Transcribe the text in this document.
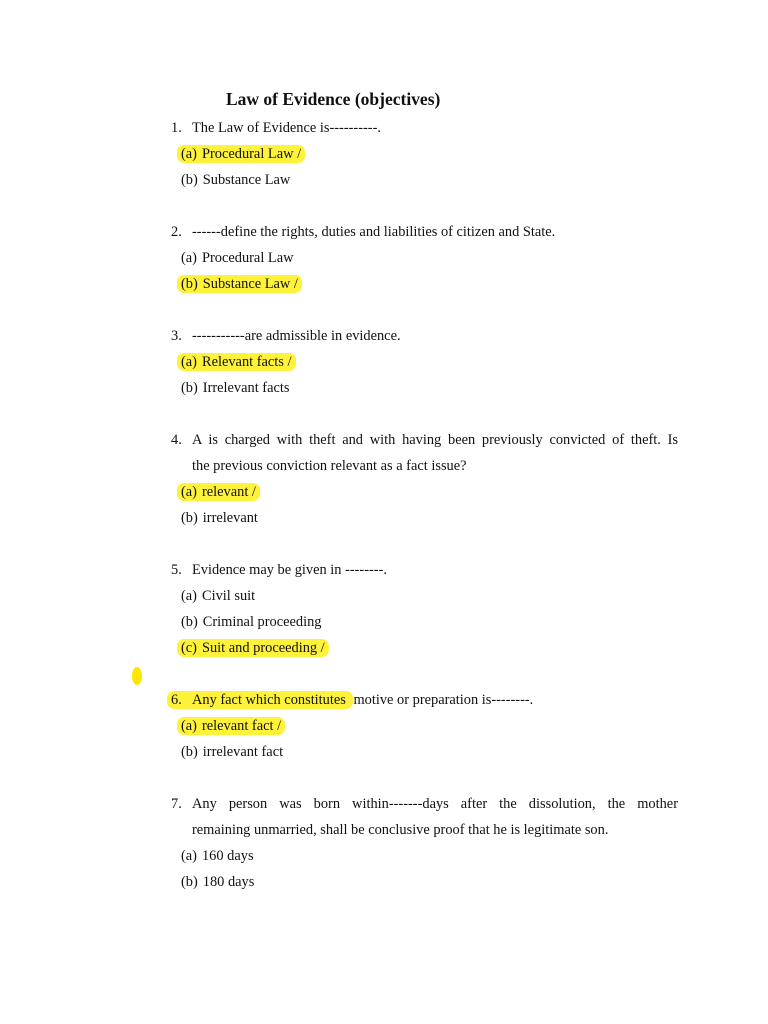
Law of Evidence (objectives)
1. The Law of Evidence is----------.
(a) Procedural Law /
(b) Substance Law
2. ------define the rights, duties and liabilities of citizen and State.
(a) Procedural Law
(b) Substance Law /
3. -----------are admissible in evidence.
(a) Relevant facts /
(b) Irrelevant facts
4. A is charged with theft and with having been previously convicted of theft. Is
the previous conviction relevant as a fact issue?
(a) relevant /
(b) irrelevant
5. Evidence may be given in --------.
(a) Civil suit
(b) Criminal proceeding
(c) Suit and proceeding /
6. Any fact which constitutes motive or preparation is--------.
(a) relevant fact /
(b) irrelevant fact
7. Any person was born within-------days after the dissolution, the mother
remaining unmarried, shall be conclusive proof that he is legitimate son.
(a) 160 days
(b) 180 days
